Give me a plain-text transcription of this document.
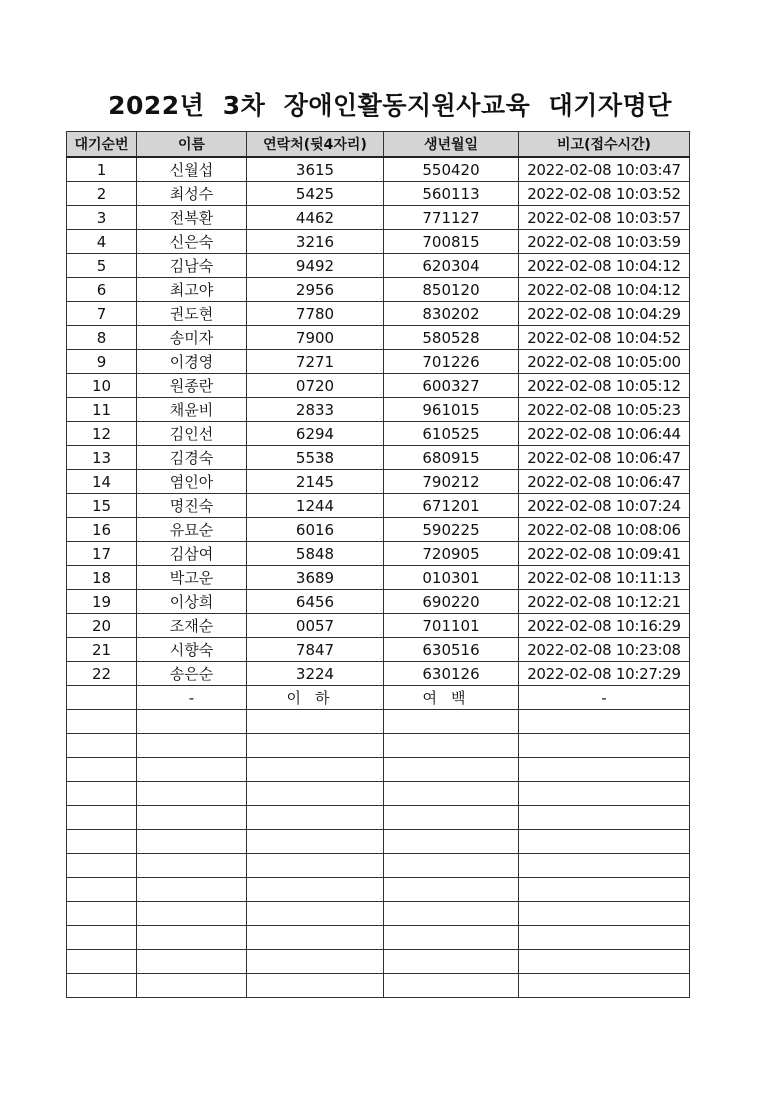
2022년  3차  장애인활동지원사교육  대기자명단
대기순번	이름	연락처(뒷4자리)	생년월일	비고(접수시간)
1	신월섭	3615	550420	2022-02-08 10:03:47
2	최성수	5425	560113	2022-02-08 10:03:52
3	전복환	4462	771127	2022-02-08 10:03:57
4	신은숙	3216	700815	2022-02-08 10:03:59
5	김남숙	9492	620304	2022-02-08 10:04:12
6	최고야	2956	850120	2022-02-08 10:04:12
7	권도현	7780	830202	2022-02-08 10:04:29
8	송미자	7900	580528	2022-02-08 10:04:52
9	이경영	7271	701226	2022-02-08 10:05:00
10	원종란	0720	600327	2022-02-08 10:05:12
11	채윤비	2833	961015	2022-02-08 10:05:23
12	김인선	6294	610525	2022-02-08 10:06:44
13	김경숙	5538	680915	2022-02-08 10:06:47
14	염인아	2145	790212	2022-02-08 10:06:47
15	명진숙	1244	671201	2022-02-08 10:07:24
16	유묘순	6016	590225	2022-02-08 10:08:06
17	김삼여	5848	720905	2022-02-08 10:09:41
18	박고운	3689	010301	2022-02-08 10:11:13
19	이상희	6456	690220	2022-02-08 10:12:21
20	조재순	0057	701101	2022-02-08 10:16:29
21	시향숙	7847	630516	2022-02-08 10:23:08
22	송은순	3224	630126	2022-02-08 10:27:29
	-	이하	여백	-
